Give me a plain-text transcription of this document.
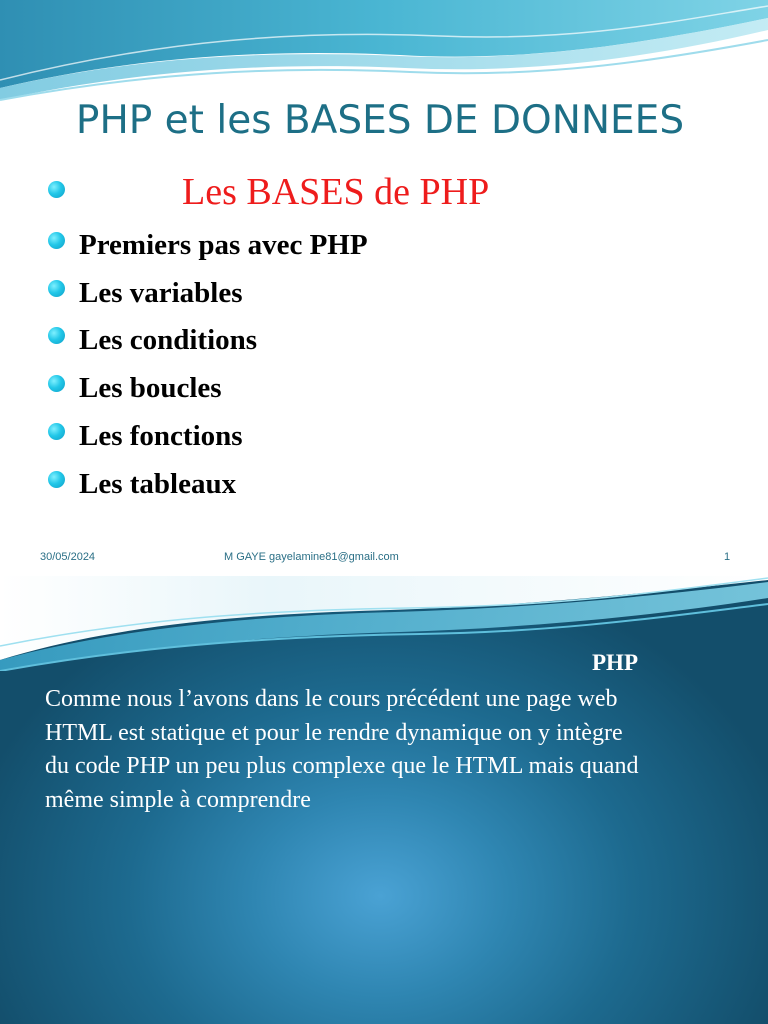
PHP et les BASES DE DONNEES
Les BASES de PHP
Premiers pas avec PHP
Les variables
Les conditions
Les boucles
Les fonctions
Les tableaux
30/05/2024	M GAYE gayelamine81@gmail.com	1
PHP
Comme nous l’avons dans le cours précédent une page web HTML est statique et pour le rendre dynamique on y intègre du code PHP un peu plus complexe que le HTML mais quand même simple à comprendre
